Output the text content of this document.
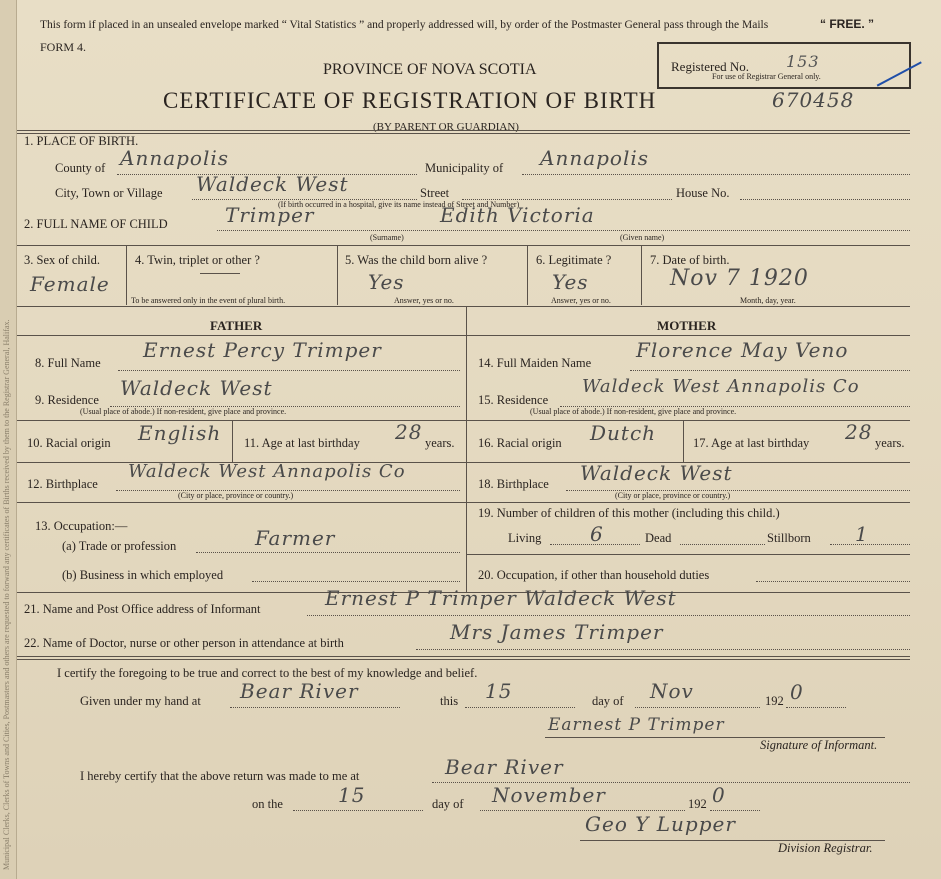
Municipal Clerks, Clerks of Towns and Cities, Postmasters and others are requested to forward any certificates of Births received by them to the Registrar General, Halifax.
This form if placed in an unsealed envelope marked “ Vital Statistics ” and properly addressed will, by order of the Postmaster General pass through the Mails	“ FREE. ”
FORM 4.
PROVINCE OF NOVA SCOTIA
CERTIFICATE OF REGISTRATION OF BIRTH	670458
(BY PARENT OR GUARDIAN)
Registered No. 153
For use of Registrar General only.
1. PLACE OF BIRTH.
County of Annapolis	Municipality of Annapolis
City, Town or Village Waldeck West
(If birth occurred in a hospital, give its name instead of Street and Number)
Street	House No.
2. FULL NAME OF CHILD	Trimper	Edith Victoria
(Surname)	(Given name)
3. Sex of child.
Female
4. Twin, triplet or other ?
To be answered only in the event of plural birth.
5. Was the child born alive ?
Yes
Answer, yes or no.
6. Legitimate ?
Yes
Answer, yes or no.
7. Date of birth.
Nov 7 1920
Month, day, year.
FATHER
8. Full Name
Ernest Percy Trimper
9. Residence Waldeck West
(Usual place of abode.) If non-resident, give place and province.
10. Racial origin English 11. Age at last birthday 28 years.
12. Birthplace
Waldeck West Annapolis Co
(City or place, province or country.)
13. Occupation:—
(a) Trade or profession	Farmer
(b) Business in which employed
MOTHER
14. Full Maiden Name
Florence May Veno
15. Residence
Waldeck West Annapolis Co
(Usual place of abode.) If non-resident, give place and province.
16. Racial origin Dutch	17. Age at last birthday 28 years.
18. Birthplace Waldeck West
(City or place, province or country.)
19. Number of children of this mother (including this child.)
Living 6	Dead	Stillborn 1
20. Occupation, if other than household duties
21. Name and Post Office address of Informant	Ernest P Trimper Waldeck West
22. Name of Doctor, nurse or other person in attendance at birth	Mrs James Trimper
I certify the foregoing to be true and correct to the best of my knowledge and belief.
Given under my hand at Bear River	this 15	day of Nov	192 0
Earnest P Trimper
Signature of Informant.
I hereby certify that the above return was made to me at	Bear River
on the	15	day of November	192 0
Geo Y Lupper
Division Registrar.
